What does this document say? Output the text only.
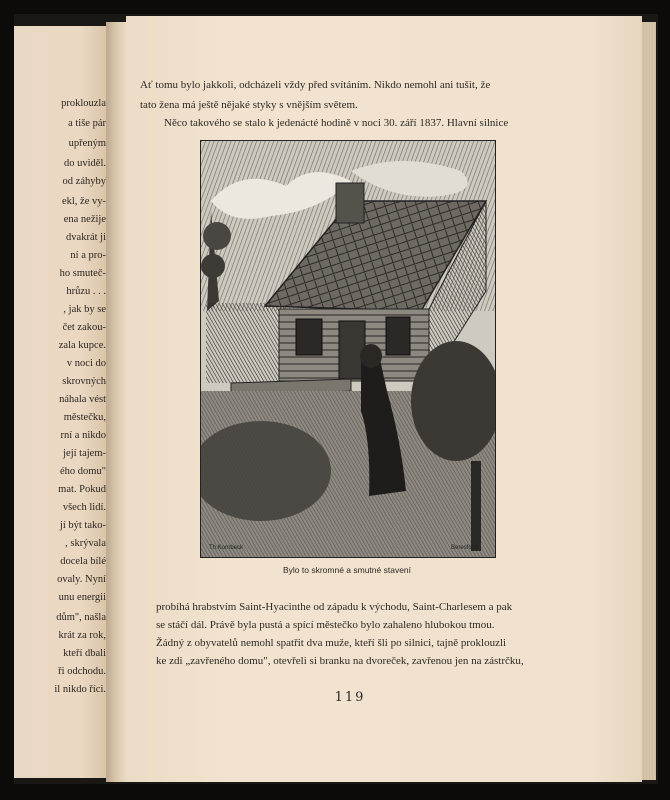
proklouzla
a tiše pár
upřeným
do uviděl.
od záhyby
ekl, že vy-
ena nežije
dvakrát ji
ní a pro-
ho smuteč-
hrůzu . . .
, jak by se
čet zakou-
zala kupce.
v noci do
skrovných
náhala vést
městečku,
rní a nikdo
její tajem-
ého domu"
mat. Pokud
všech lidí.
jí být tako-
, skrývala
docela bílé
ovaly. Nyní
unu energii
dům", našla
krát za rok,
kteří dbali
ři odchodu.
il nikdo říci.
Ať tomu bylo jakkoli, odcházeli vždy před svítáním. Nikdo nemohl ani tušit, že
tato žena má ještě nějaké styky s vnějším světem.
Něco takového se stalo k jedenácté hodině v noci 30. září 1837. Hlavní silnice
Th.Kornbeck	Beresford
Bylo to skromné a smutné stavení
probíhá hrabstvím Saint-Hyacinthe od západu k východu, Saint-Charlesem a pak
se stáčí dál. Právě byla pustá a spící městečko bylo zahaleno hlubokou tmou.
Žádný z obyvatelů nemohl spatřit dva muže, kteří šli po silnici, tajně proklouzli
ke zdi „zavřeného domu", otevřeli si branku na dvoreček, zavřenou jen na zástrčku,
119
